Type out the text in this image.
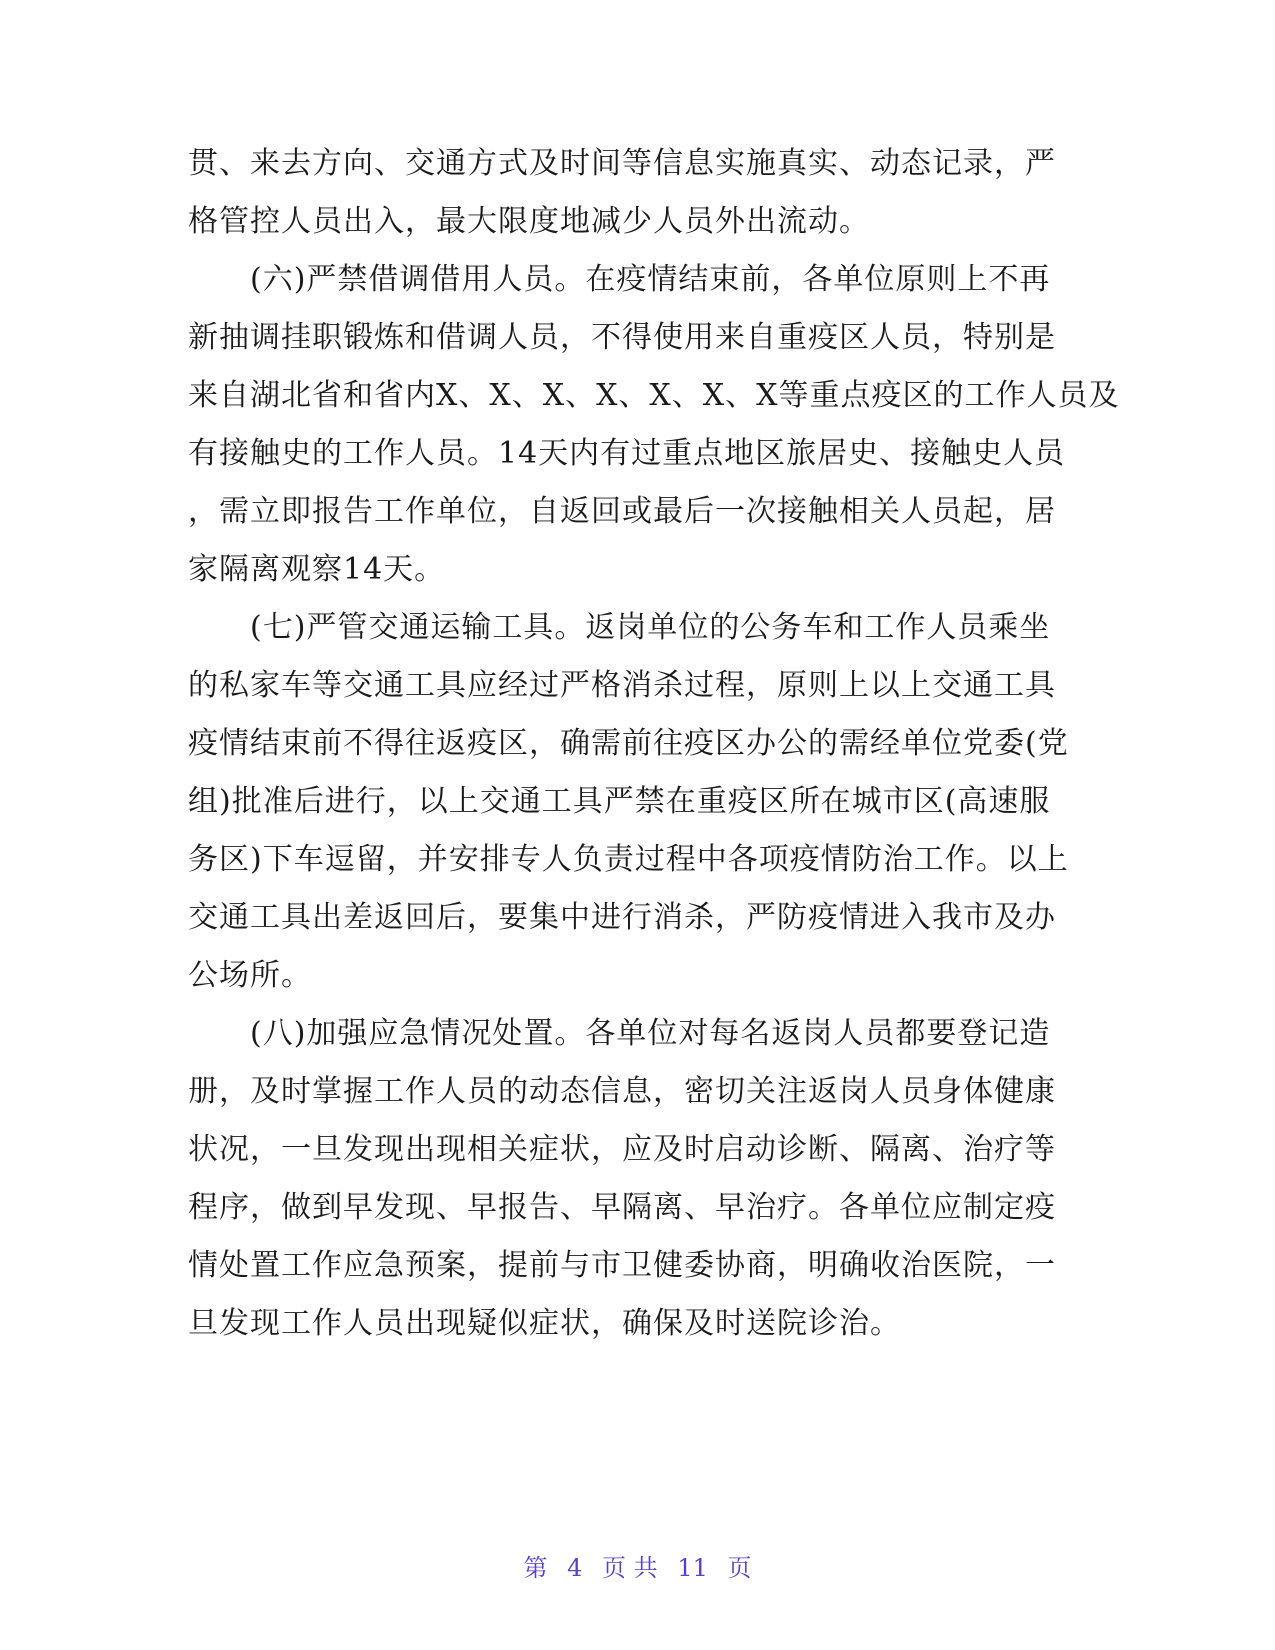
贯、来去方向、交通方式及时间等信息实施真实、动态记录，严
格管控人员出入，最大限度地减少人员外出流动。
(六)严禁借调借用人员。在疫情结束前，各单位原则上不再
新抽调挂职锻炼和借调人员，不得使用来自重疫区人员，特别是
来自湖北省和省内X、X、X、X、X、X、X等重点疫区的工作人员及
有接触史的工作人员。14天内有过重点地区旅居史、接触史人员
，需立即报告工作单位，自返回或最后一次接触相关人员起，居
家隔离观察14天。
(七)严管交通运输工具。返岗单位的公务车和工作人员乘坐
的私家车等交通工具应经过严格消杀过程，原则上以上交通工具
疫情结束前不得往返疫区，确需前往疫区办公的需经单位党委(党
组)批准后进行，以上交通工具严禁在重疫区所在城市区(高速服
务区)下车逗留，并安排专人负责过程中各项疫情防治工作。以上
交通工具出差返回后，要集中进行消杀，严防疫情进入我市及办
公场所。
(八)加强应急情况处置。各单位对每名返岗人员都要登记造
册，及时掌握工作人员的动态信息，密切关注返岗人员身体健康
状况，一旦发现出现相关症状，应及时启动诊断、隔离、治疗等
程序，做到早发现、早报告、早隔离、早治疗。各单位应制定疫
情处置工作应急预案，提前与市卫健委协商，明确收治医院，一
旦发现工作人员出现疑似症状，确保及时送院诊治。
第 4 页 共 11 页
